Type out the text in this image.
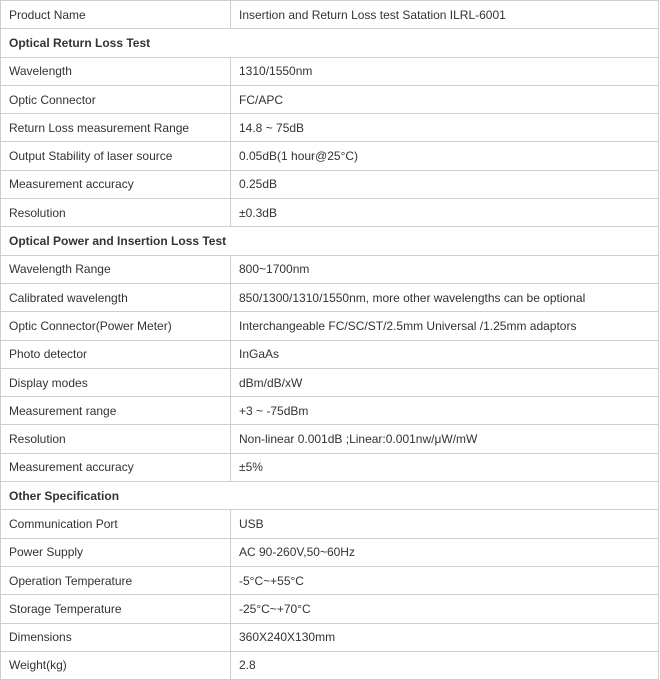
Product Name	Insertion and Return Loss test Satation ILRL-6001
Optical Return Loss Test	
Wavelength	1310/1550nm
Optic Connector	FC/APC
Return Loss measurement Range	14.8 ~ 75dB
Output Stability of laser source	0.05dB(1 hour@25°C)
Measurement accuracy	0.25dB
Resolution	±0.3dB
Optical Power and Insertion Loss Test	
Wavelength Range	800~1700nm
Calibrated wavelength	850/1300/1310/1550nm, more other wavelengths can be optional
Optic Connector(Power Meter)	Interchangeable FC/SC/ST/2.5mm Universal /1.25mm adaptors
Photo detector	InGaAs
Display modes	dBm/dB/xW
Measurement range	+3 ~ -75dBm
Resolution	Non-linear 0.001dB ;Linear:0.001nw/μW/mW
Measurement accuracy	±5%
Other Specification	
Communication Port	USB
Power Supply	AC 90-260V,50~60Hz
Operation Temperature	-5°C~+55°C
Storage Temperature	-25°C~+70°C
Dimensions	360X240X130mm
Weight(kg)	2.8
